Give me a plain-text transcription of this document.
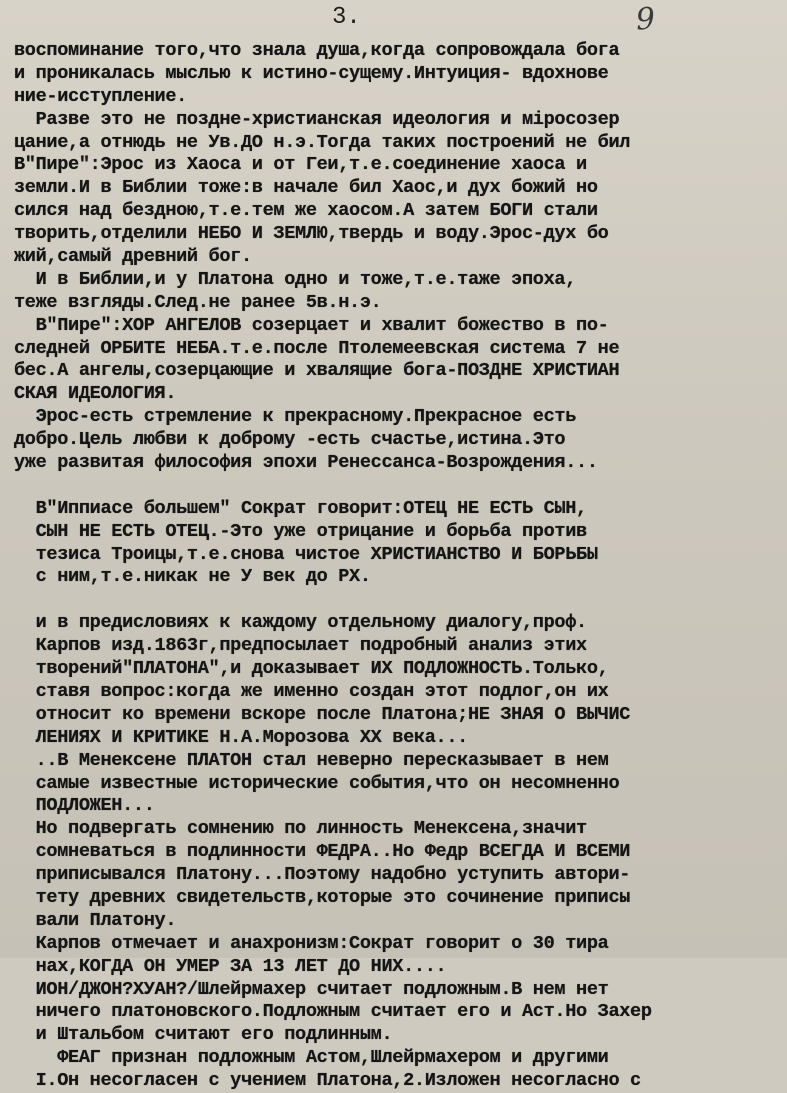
3.	9
воспоминание того,что знала душа,когда сопровождала бога
и проникалась мыслью к истино-сущему.Интуиция- вдохнове
ние-исступление.
Разве это не поздне-христианская идеология и міросозер
цание,а отнюдь не Ув.ДО н.э.Тогда таких построений не бил
В"Пире":Эрос из Хаоса и от Геи,т.е.соединение хаоса и
земли.И в Библии тоже:в начале бил Хаос,и дух божий но
сился над бездною,т.е.тем же хаосом.А затем БОГИ стали
творить,отделили НЕБО И ЗЕМЛЮ,твердь и воду.Эрос-дух бо
жий,самый древний бог.
И в Библии,и у Платона одно и тоже,т.е.таже эпоха,
теже взгляды.След.не ранее 5в.н.э.
В"Пире":ХОР АНГЕЛОВ созерцает и хвалит божество в по-
следней ОРБИТЕ НЕБА.т.е.после Птолемеевская система 7 не
бес.А ангелы,созерцающие и хвалящие бога-ПОЗДНЕ ХРИСТИАН
СКАЯ ИДЕОЛОГИЯ.
Эрос-есть стремление к прекрасному.Прекрасное есть
добро.Цель любви к доброму -есть счастье,истина.Это
уже развитая философия эпохи Ренессанса-Возрождения...
В"Иппиасе большем" Сократ говорит:ОТЕЦ НЕ ЕСТЬ СЫН,
СЫН НЕ ЕСТЬ ОТЕЦ.-Это уже отрицание и борьба против
тезиса Троицы,т.е.снова чистое ХРИСТИАНСТВО И БОРЬБЫ
с ним,т.е.никак не У век до РХ.
и в предисловиях к каждому отдельному диалогу,проф.
Карпов изд.1863г,предпосылает подробный анализ этих
творений"ПЛАТОНА",и доказывает ИХ ПОДЛОЖНОСТЬ.Только,
ставя вопрос:когда же именно создан этот подлог,он их
относит ко времени вскоре после Платона;НЕ ЗНАЯ О ВЫЧИС
ЛЕНИЯХ И КРИТИКЕ Н.А.Морозова XX века...
..В Менексене ПЛАТОН стал неверно пересказывает в нем
самые известные исторические события,что он несомненно
ПОДЛОЖЕН...
Но подвергать сомнению по линность Менексена,значит
сомневаться в подлинности ФЕДРА..Но Федр ВСЕГДА И ВСЕМИ
приписывался Платону...Поэтому надобно уступить автори-
тету древних свидетельств,которые это сочинение приписы
вали Платону.
Карпов отмечает и анахронизм:Сократ говорит о 30 тира
нах,КОГДА ОН УМЕР ЗА 13 ЛЕТ ДО НИХ....
ИОН/ДЖОН?ХУАН?/Шлейрмахер считает подложным.В нем нет
ничего платоновского.Подложным считает его и Аст.Но Захер
и Штальбом считают его подлинным.
ФЕАГ признан подложным Астом,Шлейрмахером и другими
I.Он несогласен с учением Платона,2.Изложен несогласно с
